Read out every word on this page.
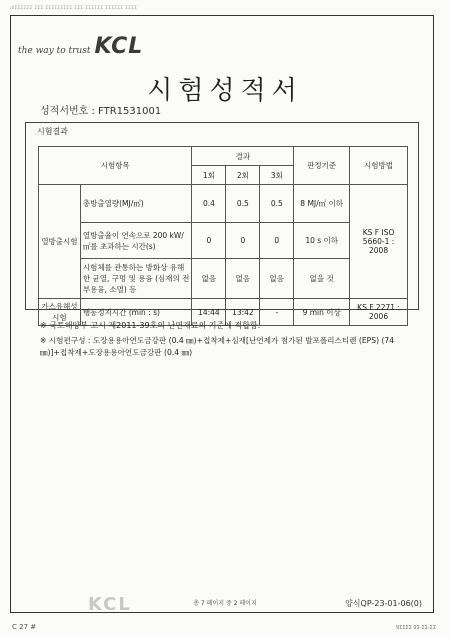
ı0ΣΣΣΣΣΣ ΣΣΣ ΣΣΣΣΣΣΣΣΣ ΣΣΣ ΣΣΣΣΣΣ ΣΣΣΣΣΣ ΣΣΣΣ
the way to trust KCL
시험성적서
성적서번호 : FTR1531001
시험결과
시험항목		결과			판정기준	시험방법
		1회	2회	3회		
열방출시험	총방출열량(MJ/㎡)	0.4	0.5	0.5	8 MJ/㎡ 이하	KS F ISO 5660-1 : 2008
	열방출율이 연속으로 200 kW/㎡를 초과하는 시간(s)	0	0	0	10 s 이하	
	시험체를 관통하는 방화상 유해한 균열, 구멍 및 용융 (심재의 전부용융, 소멸) 등	없음	없음	없음	없을 것	
가스유해성 시험	행동정지시간 (min : s)	14:44	13:42	-	9 min 이상	KS F 2271 : 2006
※ 국토해양부 고시 제2011-39호의 난연재료의 기준에 적합함.
※ 시험편구성 : 도장용용아연도금강판 (0.4 ㎜)+접착제+심재[난연제가 첨가된 발포폴리스티렌 (EPS) (74 ㎜)]+접착제+도장용용아연도금강판 (0.4 ㎜)
KCL	총 7 페이지 중 2 페이지	양식QP-23-01-06(0)
C 27 #	9ΣΣΣΣ 9Σ-ΣΣ-ΣΣ
